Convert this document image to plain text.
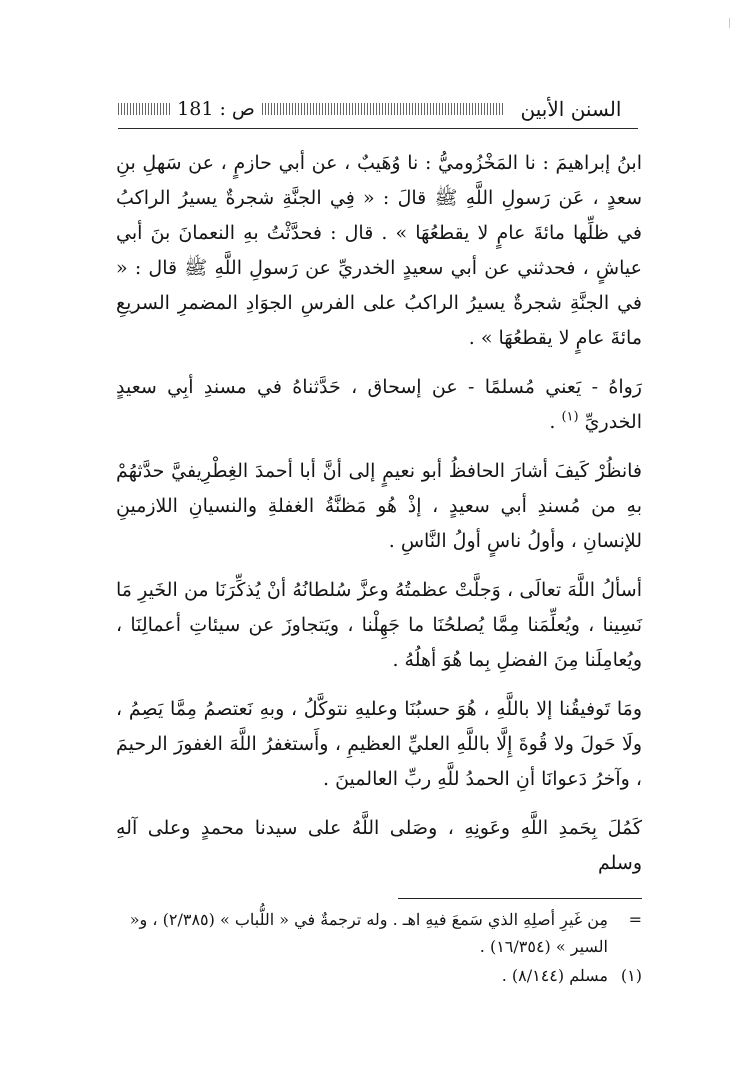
ص : 181	السنن الأبين

ابنُ إبراهيمَ : نا المَخْزُوميُّ : نا وُهَيبٌ ، عن أبي حازمٍ ، عن سَهلِ بنِ سعدٍ ، عَن رَسولِ اللَّهِ ﷺ قالَ : « فِي الجنَّةِ شجرةٌ يسيرُ الراكبُ في ظلِّها مائةَ عامٍ لا يقطعُهَا » . قال : فحدَّثْتُ بهِ النعمانَ بنَ أبي عياشٍ ، فحدثني عن أبي سعيدٍ الخدريِّ عن رَسولِ اللَّهِ ﷺ قال : « في الجنَّةِ شجرةٌ يسيرُ الراكبُ على الفرسِ الجوَادِ المضمرِ السريعِ مائةَ عامٍ لا يقطعُهَا » .

رَواهُ - يَعني مُسلمًا - عن إسحاق ، حَدَّثناهُ في مسندِ أبِي سعيدٍ الخدريِّ $^{(١)}$ .

فانظُرْ كَيفَ أشارَ الحافظُ أبو نعيمٍ إلى أنَّ أبا أحمدَ الغِطْرِيفيَّ حدَّثهُمْ بهِ من مُسندِ أبي سعيدٍ ، إذْ هُو مَظنَّةُ الغفلةِ والنسيانِ اللازمينِ للإنسانِ ، وأولُ ناسٍ أولُ النَّاسِ .

أسألُ اللَّهَ تعالَى ، وَجلَّتْ عظمتُهُ وعزَّ سُلطانُهُ أنْ يُذكِّرَنَا من الخَيرِ مَا نَسِينا ، ويُعلِّمَنا مِمَّا يُصلحُنَا ما جَهِلْنا ، ويَتجاوزَ عن سيئاتِ أعمالِنَا ، ويُعامِلَنا مِنَ الفضلِ بِما هُوَ أهلُهُ .

ومَا تَوفيقُنا إلا باللَّهِ ، هُوَ حسبُنَا وعليهِ نتوكَّلُ ، وبهِ نَعتصمُ مِمَّا يَصِمُ ، ولَا حَولَ ولا قُوةَ إِلَّا باللَّهِ العليِّ العظيمِ ، وأَستغفرُ اللَّهَ الغفورَ الرحيمَ ، وآخرُ دَعوانَا أنِ الحمدُ للَّهِ ربِّ العالمينَ .

كَمُلَ بِحَمدِ اللَّهِ وعَونِهِ ، وصَلى اللَّهُ على سيدنا محمدٍ وعلى آلهِ وسلم

=
مِن غَيرِ أصلِهِ الذي سَمعَ فيهِ اهـ . وله ترجمةٌ في « اللُّباب » (٢/٣٨٥) ، و« السير » (١٦/٣٥٤) .
(١)
مسلم (٨/١٤٤) .
